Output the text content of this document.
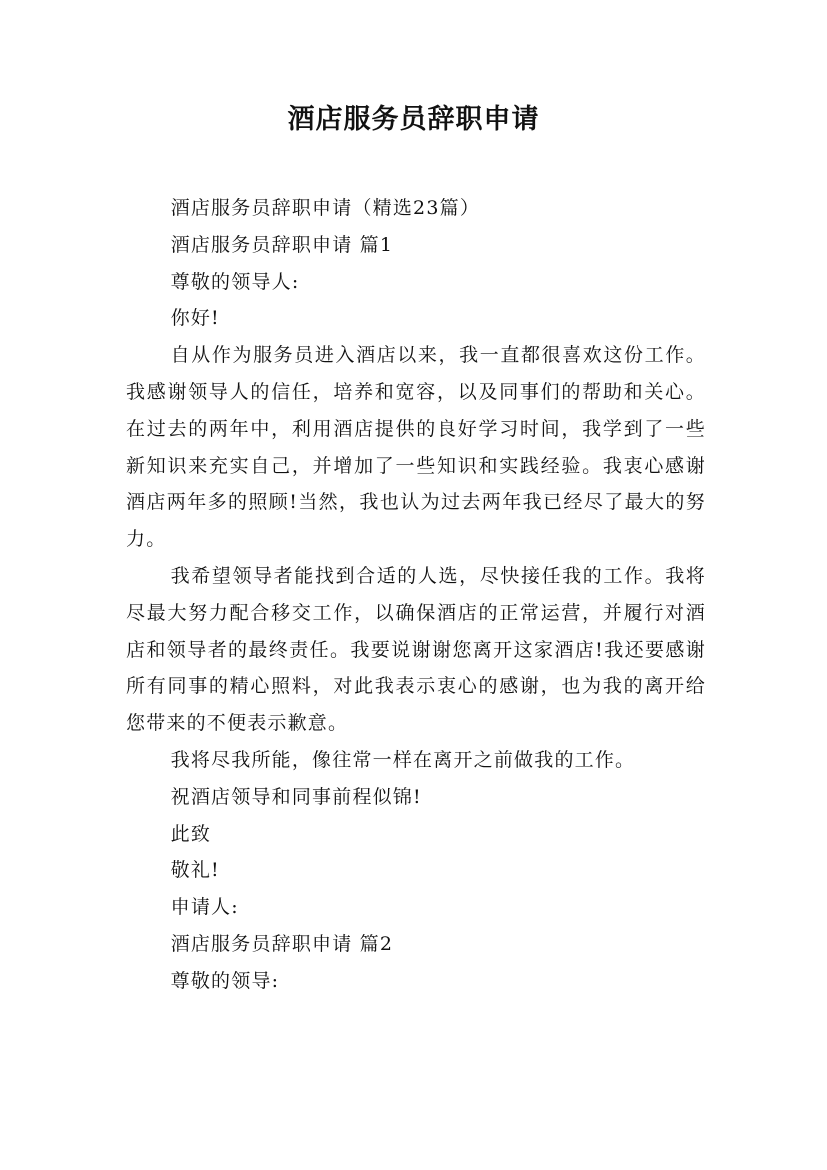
酒店服务员辞职申请

酒店服务员辞职申请（精选23篇）

酒店服务员辞职申请 篇1

尊敬的领导人:

你好!

自从作为服务员进入酒店以来，我一直都很喜欢这份工作。我感谢领导人的信任，培养和宽容，以及同事们的帮助和关心。在过去的两年中，利用酒店提供的良好学习时间，我学到了一些新知识来充实自己，并增加了一些知识和实践经验。我衷心感谢酒店两年多的照顾!当然，我也认为过去两年我已经尽了最大的努力。

我希望领导者能找到合适的人选，尽快接任我的工作。我将尽最大努力配合移交工作，以确保酒店的正常运营，并履行对酒店和领导者的最终责任。我要说谢谢您离开这家酒店!我还要感谢所有同事的精心照料，对此我表示衷心的感谢，也为我的离开给您带来的不便表示歉意。

我将尽我所能，像往常一样在离开之前做我的工作。

祝酒店领导和同事前程似锦!

此致

敬礼!

申请人:

酒店服务员辞职申请 篇2

尊敬的领导:
